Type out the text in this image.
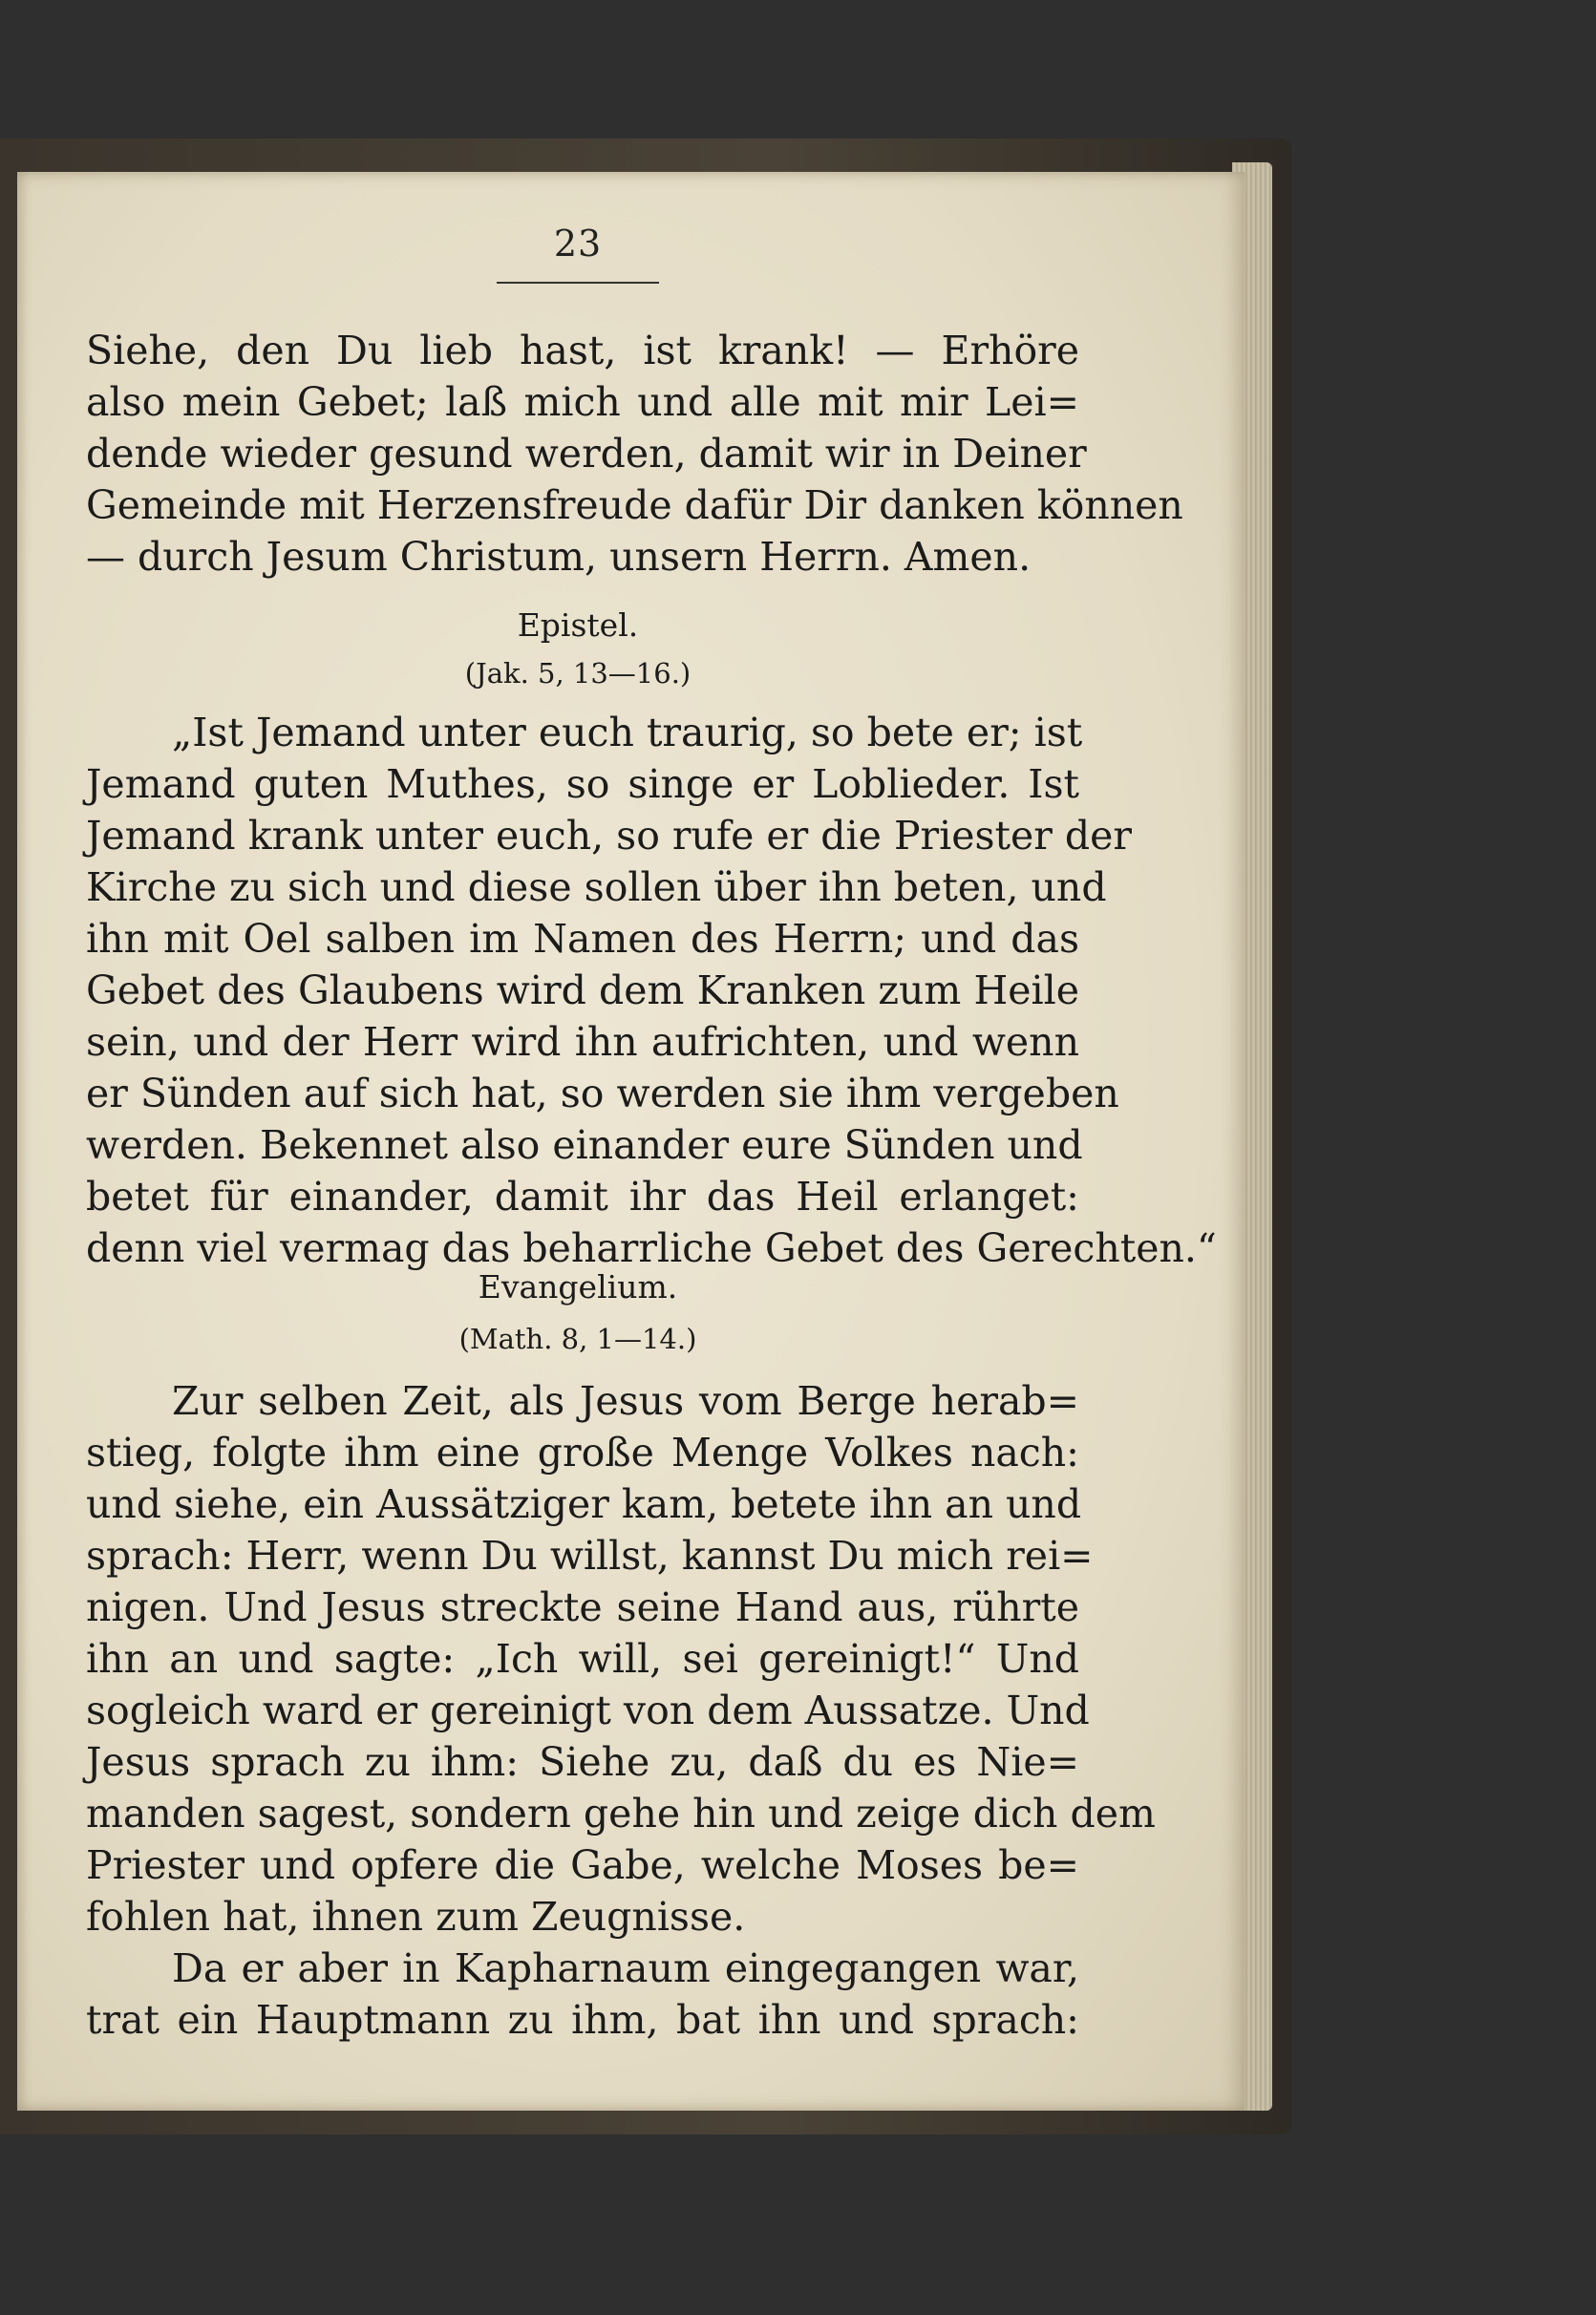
23
Siehe, den Du lieb hast, ist krank! — Erhöre
also mein Gebet; laß mich und alle mit mir Lei=
dende wieder gesund werden, damit wir in Deiner
Gemeinde mit Herzensfreude dafür Dir danken können
— durch Jesum Christum, unsern Herrn. Amen.
Epistel.
(Jak. 5, 13—16.)
„Ist Jemand unter euch traurig, so bete er; ist
Jemand guten Muthes, so singe er Loblieder. Ist
Jemand krank unter euch, so rufe er die Priester der
Kirche zu sich und diese sollen über ihn beten, und
ihn mit Oel salben im Namen des Herrn; und das
Gebet des Glaubens wird dem Kranken zum Heile
sein, und der Herr wird ihn aufrichten, und wenn
er Sünden auf sich hat, so werden sie ihm vergeben
werden. Bekennet also einander eure Sünden und
betet für einander, damit ihr das Heil erlanget:
denn viel vermag das beharrliche Gebet des Gerechten.“
Evangelium.
(Math. 8, 1—14.)
Zur selben Zeit, als Jesus vom Berge herab=
stieg, folgte ihm eine große Menge Volkes nach:
und siehe, ein Aussätziger kam, betete ihn an und
sprach: Herr, wenn Du willst, kannst Du mich rei=
nigen. Und Jesus streckte seine Hand aus, rührte
ihn an und sagte: „Ich will, sei gereinigt!“ Und
sogleich ward er gereinigt von dem Aussatze. Und
Jesus sprach zu ihm: Siehe zu, daß du es Nie=
manden sagest, sondern gehe hin und zeige dich dem
Priester und opfere die Gabe, welche Moses be=
fohlen hat, ihnen zum Zeugnisse.
Da er aber in Kapharnaum eingegangen war,
trat ein Hauptmann zu ihm, bat ihn und sprach:
